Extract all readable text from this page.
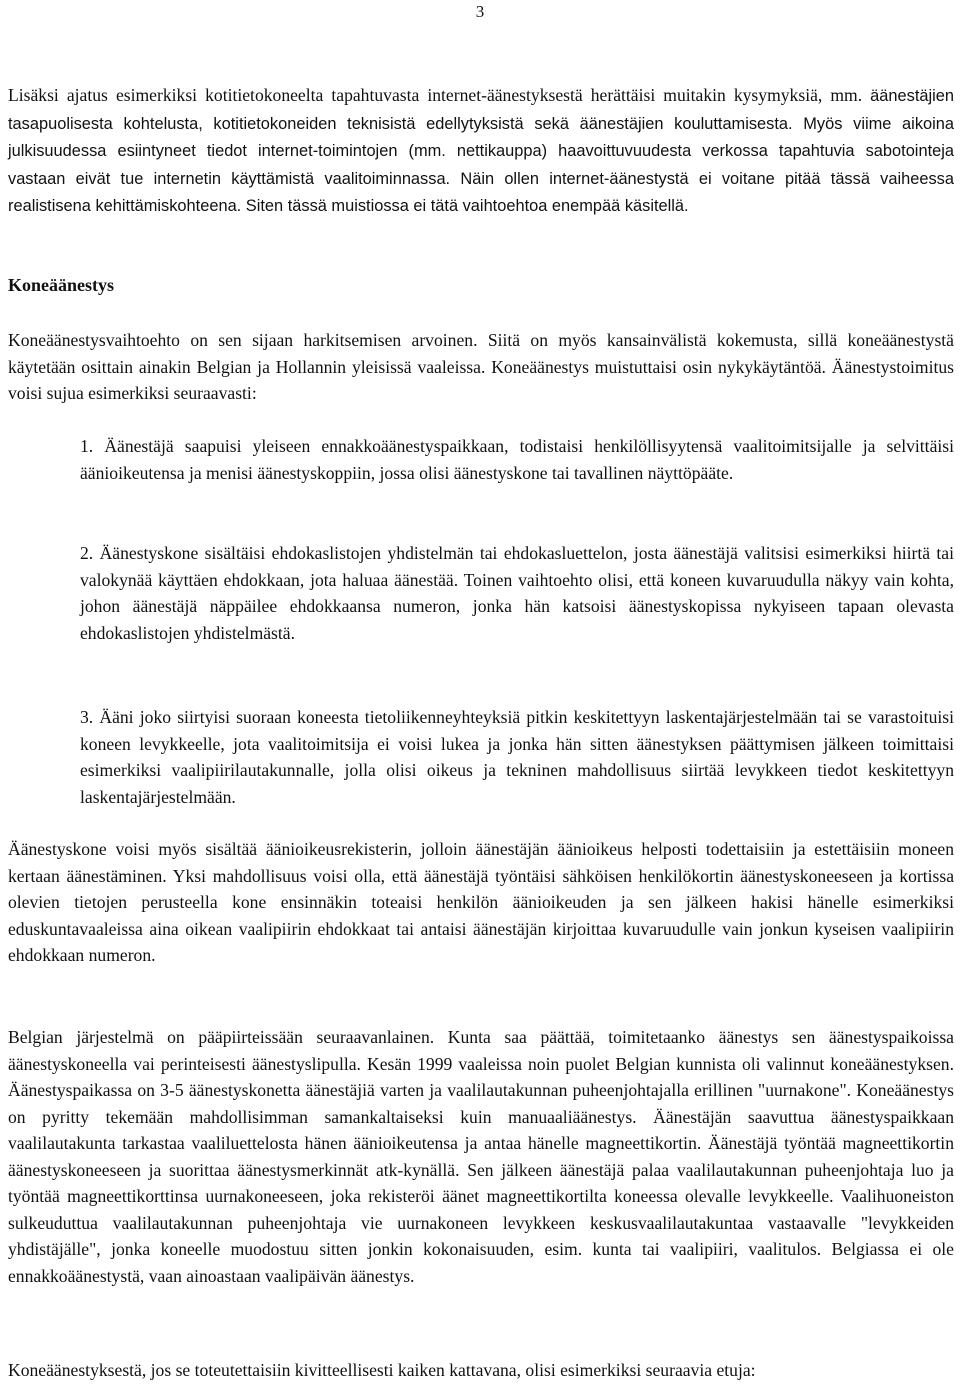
3

Lisäksi ajatus esimerkiksi kotitietokoneelta tapahtuvasta internet-äänestyksestä herättäisi muitakin kysymyksiä, mm. äänestäjien tasapuolisesta kohtelusta, kotitietokoneiden teknisistä edellytyksistä sekä äänestäjien kouluttamisesta. Myös viime aikoina julkisuudessa esiintyneet tiedot internet-toimintojen (mm. nettikauppa) haavoittuvuudesta verkossa tapahtuvia sabotointeja vastaan eivät tue internetin käyttämistä vaalitoiminnassa. Näin ollen internet-äänestystä ei voitane pitää tässä vaiheessa realistisena kehittämiskohteena. Siten tässä muistiossa ei tätä vaihtoehtoa enempää käsitellä.

Koneäänestys

Koneäänestysvaihtoehto on sen sijaan harkitsemisen arvoinen. Siitä on myös kansainvälistä kokemusta, sillä koneäänestystä käytetään osittain ainakin Belgian ja Hollannin yleisissä vaaleissa. Koneäänestys muistuttaisi osin nykykäytäntöä. Äänestystoimitus voisi sujua esimerkiksi seuraavasti:

1. Äänestäjä saapuisi yleiseen ennakkoäänestyspaikkaan, todistaisi henkilöllisyytensä vaalitoimitsijalle ja selvittäisi äänioikeutensa ja menisi äänestyskoppiin, jossa olisi äänestyskone tai tavallinen näyttöpääte.

2. Äänestyskone sisältäisi ehdokaslistojen yhdistelmän tai ehdokasluettelon, josta äänestäjä valitsisi esimerkiksi hiirtä tai valokynää käyttäen ehdokkaan, jota haluaa äänestää. Toinen vaihtoehto olisi, että koneen kuvaruudulla näkyy vain kohta, johon äänestäjä näppäilee ehdokkaansa numeron, jonka hän katsoisi äänestyskopissa nykyiseen tapaan olevasta ehdokaslistojen yhdistelmästä.

3. Ääni joko siirtyisi suoraan koneesta tietoliikenneyhteyksiä pitkin keskitettyyn laskentajärjestelmään tai se varastoituisi koneen levykkeelle, jota vaalitoimitsija ei voisi lukea ja jonka hän sitten äänestyksen päättymisen jälkeen toimittaisi esimerkiksi vaalipiirilautakunnalle, jolla olisi oikeus ja tekninen mahdollisuus siirtää levykkeen tiedot keskitettyyn laskentajärjestelmään.

Äänestyskone voisi myös sisältää äänioikeusrekisterin, jolloin äänestäjän äänioikeus helposti todettaisiin ja estettäisiin moneen kertaan äänestäminen. Yksi mahdollisuus voisi olla, että äänestäjä työntäisi sähköisen henkilökortin äänestyskoneeseen ja kortissa olevien tietojen perusteella kone ensinnäkin toteaisi henkilön äänioikeuden ja sen jälkeen hakisi hänelle esimerkiksi eduskuntavaaleissa aina oikean vaalipiirin ehdokkaat tai antaisi äänestäjän kirjoittaa kuvaruudulle vain jonkun kyseisen vaalipiirin ehdokkaan numeron.

Belgian järjestelmä on pääpiirteissään seuraavanlainen. Kunta saa päättää, toimitetaanko äänestys sen äänestyspaikoissa äänestyskoneella vai perinteisesti äänestyslipulla. Kesän 1999 vaaleissa noin puolet Belgian kunnista oli valinnut koneäänestyksen. Äänestyspaikassa on 3-5 äänestyskonetta äänestäjiä varten ja vaalilautakunnan puheenjohtajalla erillinen "uurnakone". Koneäänestys on pyritty tekemään mahdollisimman samankaltaiseksi kuin manuaaliäänestys. Äänestäjän saavuttua äänestyspaikkaan vaalilautakunta tarkastaa vaaliluettelosta hänen äänioikeutensa ja antaa hänelle magneettikortin. Äänestäjä työntää magneettikortin äänestyskoneeseen ja suorittaa äänestysmerkinnät atk-kynällä. Sen jälkeen äänestäjä palaa vaalilautakunnan puheenjohtaja luo ja työntää magneettikorttinsa uurnakoneeseen, joka rekisteröi äänet magneettikortilta koneessa olevalle levykkeelle. Vaalihuoneiston sulkeuduttua vaalilautakunnan puheenjohtaja vie uurnakoneen levykkeen keskusvaalilautakuntaa vastaavalle "levykkeiden yhdistäjälle", jonka koneelle muodostuu sitten jonkin kokonaisuuden, esim. kunta tai vaalipiiri, vaalitulos. Belgiassa ei ole ennakkoäänestystä, vaan ainoastaan vaalipäivän äänestys.

Koneäänestyksestä, jos se toteutettaisiin kivitteellisesti kaiken kattavana, olisi esimerkiksi seuraavia etuja:
